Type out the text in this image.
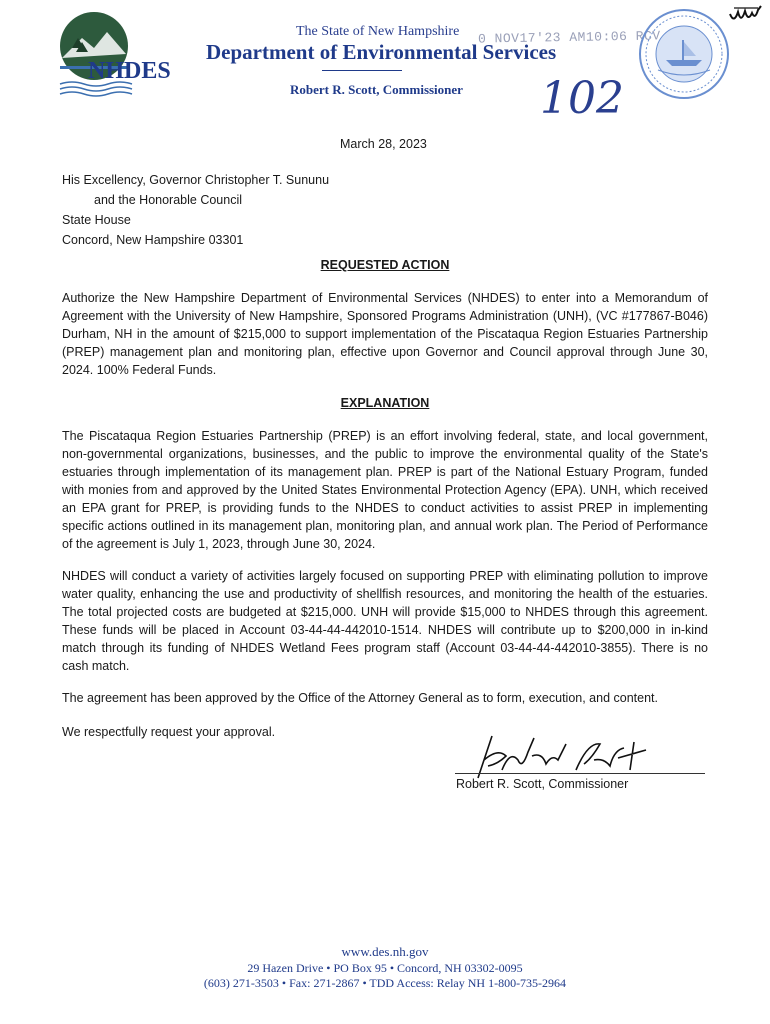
NHDES
The State of New Hampshire 0 NOV17'23 AM10:06 RCV
Department of Environmental Services
Robert R. Scott, Commissioner 102
March 28, 2023
His Excellency, Governor Christopher T. Sununu
and the Honorable Council
State House
Concord, New Hampshire 03301
REQUESTED ACTION
Authorize the New Hampshire Department of Environmental Services (NHDES) to enter into a Memorandum of Agreement with the University of New Hampshire, Sponsored Programs Administration (UNH), (VC #177867-B046) Durham, NH in the amount of $215,000 to support implementation of the Piscataqua Region Estuaries Partnership (PREP) management plan and monitoring plan, effective upon Governor and Council approval through June 30, 2024. 100% Federal Funds.
EXPLANATION
The Piscataqua Region Estuaries Partnership (PREP) is an effort involving federal, state, and local government, non-governmental organizations, businesses, and the public to improve the environmental quality of the State's estuaries through implementation of its management plan. PREP is part of the National Estuary Program, funded with monies from and approved by the United States Environmental Protection Agency (EPA). UNH, which received an EPA grant for PREP, is providing funds to the NHDES to conduct activities to assist PREP in implementing specific actions outlined in its management plan, monitoring plan, and annual work plan. The Period of Performance of the agreement is July 1, 2023, through June 30, 2024.
NHDES will conduct a variety of activities largely focused on supporting PREP with eliminating pollution to improve water quality, enhancing the use and productivity of shellfish resources, and monitoring the health of the estuaries. The total projected costs are budgeted at $215,000. UNH will provide $15,000 to NHDES through this agreement. These funds will be placed in Account 03-44-44-442010-1514. NHDES will contribute up to $200,000 in in-kind match through its funding of NHDES Wetland Fees program staff (Account 03-44-44-442010-3855). There is no cash match.
The agreement has been approved by the Office of the Attorney General as to form, execution, and content.
We respectfully request your approval.
Robert R. Scott, Commissioner
www.des.nh.gov
29 Hazen Drive • PO Box 95 • Concord, NH 03302-0095
(603) 271-3503 • Fax: 271-2867 • TDD Access: Relay NH 1-800-735-2964
